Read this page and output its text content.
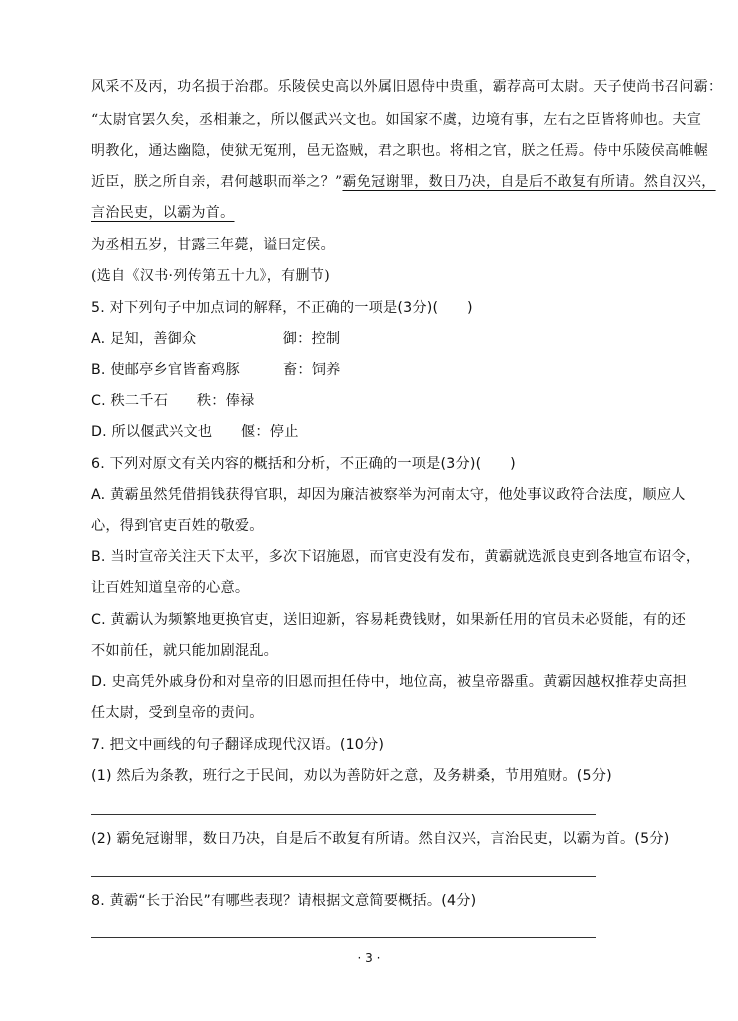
风采不及丙，功名损于治郡。乐陵侯史高以外属旧恩侍中贵重，霸荐高可太尉。天子使尚书召问霸：
“太尉官罢久矣，丞相兼之，所以偃武兴文也。如国家不虞，边境有事，左右之臣皆将帅也。夫宣
明教化，通达幽隐，使狱无冤刑，邑无盗贼，君之职也。将相之官，朕之任焉。侍中乐陵侯高帷幄
近臣，朕之所自亲，君何越职而举之？”霸免冠谢罪，数日乃决，自是后不敢复有所请。然自汉兴，
言治民吏，以霸为首。
为丞相五岁，甘露三年薨，谥曰定侯。
(选自《汉书·列传第五十九》，有删节)
5. 对下列句子中加点词的解释，不正确的一项是(3分)(　　)
A. 足知，善御众　　　　　　御：控制
B. 使邮亭乡官皆畜鸡豚　　　畜：饲养
C. 秩二千石　　秩：俸禄
D. 所以偃武兴文也　　偃：停止
6. 下列对原文有关内容的概括和分析，不正确的一项是(3分)(　　)
A. 黄霸虽然凭借捐钱获得官职，却因为廉洁被察举为河南太守，他处事议政符合法度，顺应人
心，得到官吏百姓的敬爱。
B. 当时宣帝关注天下太平，多次下诏施恩，而官吏没有发布，黄霸就选派良吏到各地宣布诏令，
让百姓知道皇帝的心意。
C. 黄霸认为频繁地更换官吏，送旧迎新，容易耗费钱财，如果新任用的官员未必贤能，有的还
不如前任，就只能加剧混乱。
D. 史高凭外戚身份和对皇帝的旧恩而担任侍中，地位高，被皇帝器重。黄霸因越权推荐史高担
任太尉，受到皇帝的责问。
7. 把文中画线的句子翻译成现代汉语。(10分)
(1) 然后为条教，班行之于民间，劝以为善防奸之意，及务耕桑，节用殖财。(5分)
(2) 霸免冠谢罪，数日乃决，自是后不敢复有所请。然自汉兴，言治民吏，以霸为首。(5分)
8. 黄霸“长于治民”有哪些表现？请根据文意简要概括。(4分)
· 3 ·
